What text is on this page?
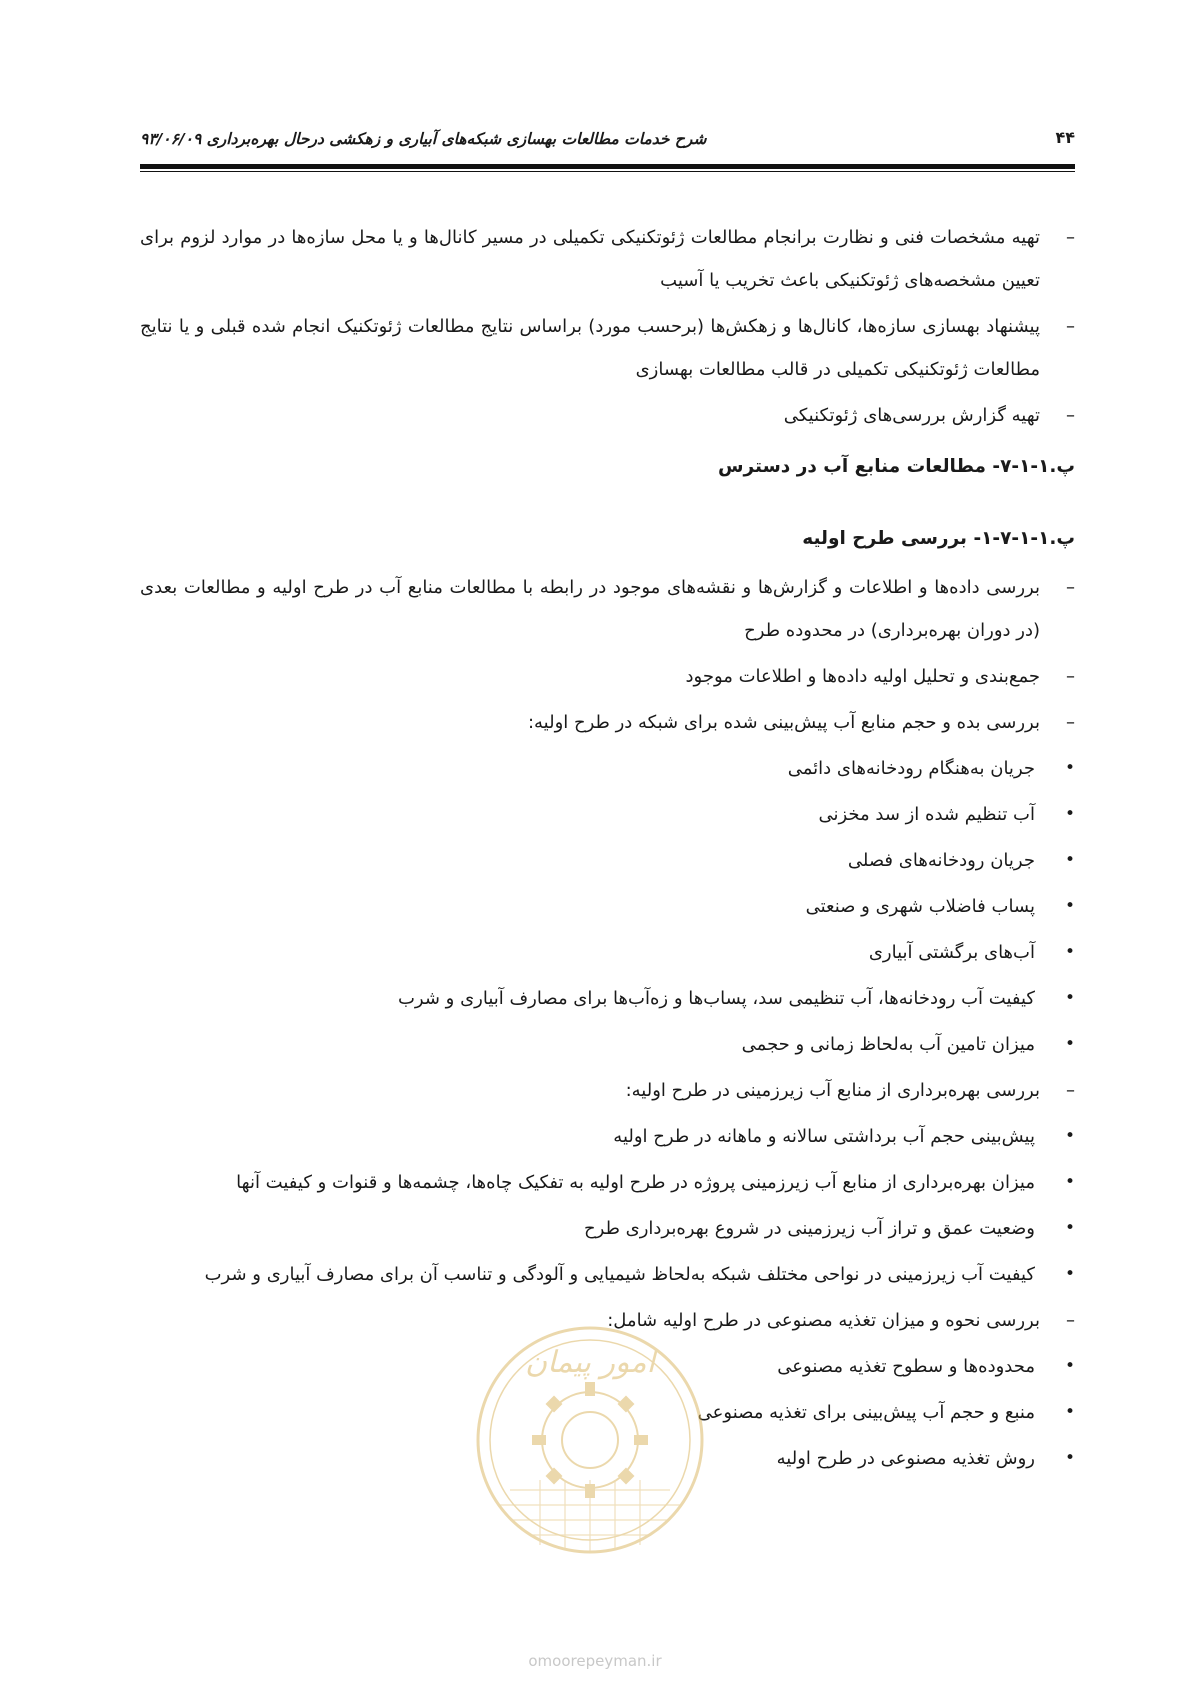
۴۴
شرح خدمات مطالعات بهسازی شبکه‌های آبیاری و زهکشی درحال بهره‌برداری ۹۳/۰۶/۰۹
– تهیه مشخصات فنی و نظارت برانجام مطالعات ژئوتکنیکی تکمیلی در مسیر کانال‌ها و یا محل سازه‌ها در موارد لزوم برای تعیین مشخصه‌های ژئوتکنیکی باعث تخریب یا آسیب
– پیشنهاد بهسازی سازه‌ها، کانال‌ها و زهکش‌ها (برحسب مورد) براساس نتایج مطالعات ژئوتکنیک انجام شده قبلی و یا نتایج مطالعات ژئوتکنیکی تکمیلی در قالب مطالعات بهسازی
– تهیه گزارش بررسی‌های ژئوتکنیکی
پ.۱-۱-۷- مطالعات منابع آب در دسترس
پ.۱-۱-۷-۱- بررسی طرح اولیه
– بررسی داده‌ها و اطلاعات و گزارش‌ها و نقشه‌های موجود در رابطه با مطالعات منابع آب در طرح اولیه و مطالعات بعدی (در دوران بهره‌برداری) در محدوده طرح
– جمع‌بندی و تحلیل اولیه داده‌ها و اطلاعات موجود
– بررسی بده و حجم منابع آب پیش‌بینی شده برای شبکه در طرح اولیه:
• جریان به‌هنگام رودخانه‌های دائمی
• آب تنظیم شده از سد مخزنی
• جریان رودخانه‌های فصلی
• پساب فاضلاب شهری و صنعتی
• آب‌های برگشتی آبیاری
• کیفیت آب رودخانه‌ها، آب تنظیمی سد، پساب‌ها و زه‌آب‌ها برای مصارف آبیاری و شرب
• میزان تامین آب به‌لحاظ زمانی و حجمی
– بررسی بهره‌برداری از منابع آب زیرزمینی در طرح اولیه:
• پیش‌بینی حجم آب برداشتی سالانه و ماهانه در طرح اولیه
• میزان بهره‌برداری از منابع آب زیرزمینی پروژه در طرح اولیه به تفکیک چاه‌ها، چشمه‌ها و قنوات و کیفیت آنها
• وضعیت عمق و تراز آب زیرزمینی در شروع بهره‌برداری طرح
• کیفیت آب زیرزمینی در نواحی مختلف شبکه به‌لحاظ شیمیایی و آلودگی و تناسب آن برای مصارف آبیاری و شرب
– بررسی نحوه و میزان تغذیه مصنوعی در طرح اولیه شامل:
• محدوده‌ها و سطوح تغذیه مصنوعی
• منبع و حجم آب پیش‌بینی برای تغذیه مصنوعی
• روش تغذیه مصنوعی در طرح اولیه
امور پیمان
omoorepeyman.ir
